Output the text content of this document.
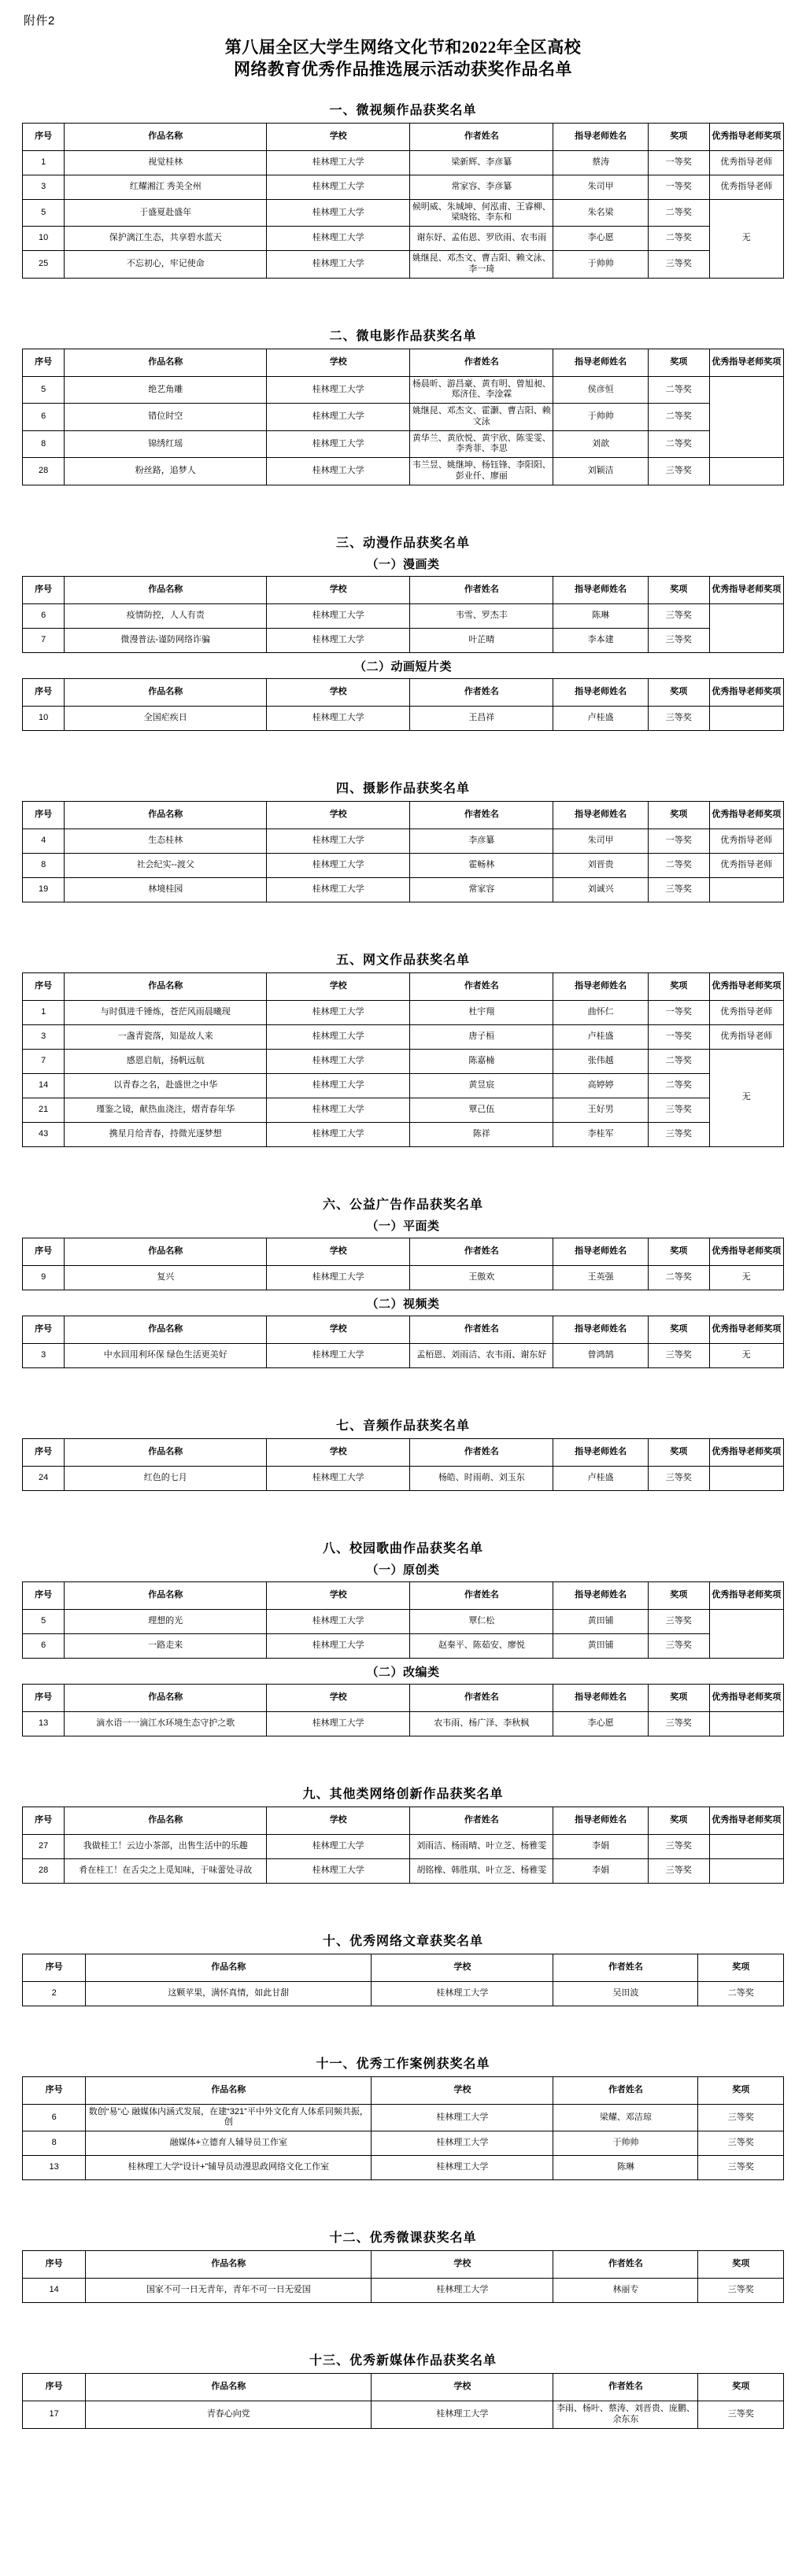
附件2
第八届全区大学生网络文化节和2022年全区高校
网络教育优秀作品推选展示活动获奖作品名单
一、微视频作品获奖名单
序号	作品名称	学校	作者姓名	指导老师姓名	奖项	优秀指导老师奖项
1	视觉桂林	桂林理工大学	梁新辉、李彦纂	蔡涛	一等奖	优秀指导老师
3	红耀湘江 秀美全州	桂林理工大学	常家容、李彦纂	朱司甲	一等奖	优秀指导老师
5	于盛夏赴盛年	桂林理工大学	候明威、朱城坤、何泓甫、王睿柳、梁晓铭、李东和	朱名梁	二等奖	无
10	保护漓江生态，共享碧水蓝天	桂林理工大学	谢东妤、孟佑恩、罗欣雨、农韦雨	李心愿	二等奖	
25	不忘初心，牢记使命	桂林理工大学	姚继昆、邓杰文、曹吉阳、赖文泳、李一琦	于帅帅	三等奖	
二、微电影作品获奖名单
序号	作品名称	学校	作者姓名	指导老师姓名	奖项	优秀指导老师奖项
5	绝艺角雕	桂林理工大学	杨晨昕、游昌豪、黄有明、曾旭昶、郑济佳、李淦霖	侯彦恒	二等奖	
6	错位时空	桂林理工大学	姚继昆、邓杰文、霍灏、曹吉阳、赖文泳	于帅帅	二等奖	
8	锦绣红瑶	桂林理工大学	黄华兰、黄欣悦、黄宇欣、陈雯雯、李秀菲、李思	刘歆	二等奖	
28	粉丝路，追梦人	桂林理工大学	韦兰昱、姚继坤、杨钰锋、李阳阳、彭业仟、廖丽	刘颖洁	三等奖	
三、动漫作品获奖名单
（一）漫画类
序号	作品名称	学校	作者姓名	指导老师姓名	奖项	优秀指导老师奖项
6	疫情防控，人人有责	桂林理工大学	韦雪、罗杰丰	陈琳	三等奖	
7	微漫普法-谨防网络诈骗	桂林理工大学	叶芷晴	李本建	三等奖	
（二）动画短片类
序号	作品名称	学校	作者姓名	指导老师姓名	奖项	优秀指导老师奖项
10	全国疟疾日	桂林理工大学	王昌祥	卢桂盛	三等奖	
四、摄影作品获奖名单
序号	作品名称	学校	作者姓名	指导老师姓名	奖项	优秀指导老师奖项
4	生态桂林	桂林理工大学	李彦纂	朱司甲	一等奖	优秀指导老师
8	社会纪实--渡父	桂林理工大学	霍畅林	刘晋贵	二等奖	优秀指导老师
19	林境桂园	桂林理工大学	常家容	刘诚兴	三等奖	
五、网文作品获奖名单
序号	作品名称	学校	作者姓名	指导老师姓名	奖项	优秀指导老师奖项
1	与时俱进千锤炼，苍茫风雨晨曦现	桂林理工大学	杜宇翔	曲怀仁	一等奖	优秀指导老师
3	一盏青瓷落，知是故人来	桂林理工大学	唐子桓	卢桂盛	一等奖	优秀指导老师
7	感恩启航，扬帆远航	桂林理工大学	陈嘉楠	张伟越	二等奖	无
14	以青春之名，赴盛世之中华	桂林理工大学	黄昱宸	高婷婷	二等奖	
21	瑾鉴之镜，献热血浇注，熠青春年华	桂林理工大学	覃己伍	王好男	三等奖	
43	携星月给青春，持微光逐梦想	桂林理工大学	陈祥	李桂军	三等奖	
六、公益广告作品获奖名单
（一）平面类
序号	作品名称	学校	作者姓名	指导老师姓名	奖项	优秀指导老师奖项
9	复兴	桂林理工大学	王傲欢	王英强	二等奖	无
（二）视频类
序号	作品名称	学校	作者姓名	指导老师姓名	奖项	优秀指导老师奖项
3	中水回用利环保 绿色生活更美好	桂林理工大学	孟栢恩、刘雨洁、农韦雨、谢东妤	曾鸿鹄	三等奖	无
七、音频作品获奖名单
序号	作品名称	学校	作者姓名	指导老师姓名	奖项	优秀指导老师奖项
24	红色的七月	桂林理工大学	杨皓、时雨萌、刘玉东	卢桂盛	三等奖	
八、校园歌曲作品获奖名单
（一）原创类
序号	作品名称	学校	作者姓名	指导老师姓名	奖项	优秀指导老师奖项
5	理想的光	桂林理工大学	覃仁松	黄田铺	三等奖	
6	一路走来	桂林理工大学	赵秦平、陈茹安、廖悦	黄田铺	三等奖	
（二）改编类
序号	作品名称	学校	作者姓名	指导老师姓名	奖项	优秀指导老师奖项
13	滴水语一一滴江水环境生态守护之歌	桂林理工大学	农韦雨、杨广泽、李秋枫	李心愿	三等奖	
九、其他类网络创新作品获奖名单
序号	作品名称	学校	作者姓名	指导老师姓名	奖项	优秀指导老师奖项
27	我做桂工！云边小茶部，出售生活中的乐趣	桂林理工大学	刘雨洁、杨雨晴、叶立芝、杨雅雯	李娟	三等奖	
28	肴在桂工！在舌尖之上觅知味，于味蕾处寻故	桂林理工大学	胡铭橡、韩胜琪、叶立芝、杨雅雯	李娟	三等奖	
十、优秀网络文章获奖名单
序号	作品名称	学校	作者姓名	奖项
2	这颗苹果，满怀真情，如此甘甜	桂林理工大学	吴田波	二等奖
十一、优秀工作案例获奖名单
序号	作品名称	学校	作者姓名	奖项
6	数创“易”心 融媒体内涵式发展，在建“321”平中外文化育人体系同频共振，创	桂林理工大学	梁耀、邓洁琼	三等奖
8	融媒体+立德育人辅导员工作室	桂林理工大学	于帅帅	三等奖
13	桂林理工大学“设计+”辅导员动漫思政网络文化工作室	桂林理工大学	陈琳	三等奖
十二、优秀微课获奖名单
序号	作品名称	学校	作者姓名	奖项
14	国家不可一日无青年，青年不可一日无爱国	桂林理工大学	林丽专	三等奖
十三、优秀新媒体作品获奖名单
序号	作品名称	学校	作者姓名	奖项
17	青春心向党	桂林理工大学	李雨、杨叶、蔡涛、刘晋贵、庞鹏、余东东	三等奖
